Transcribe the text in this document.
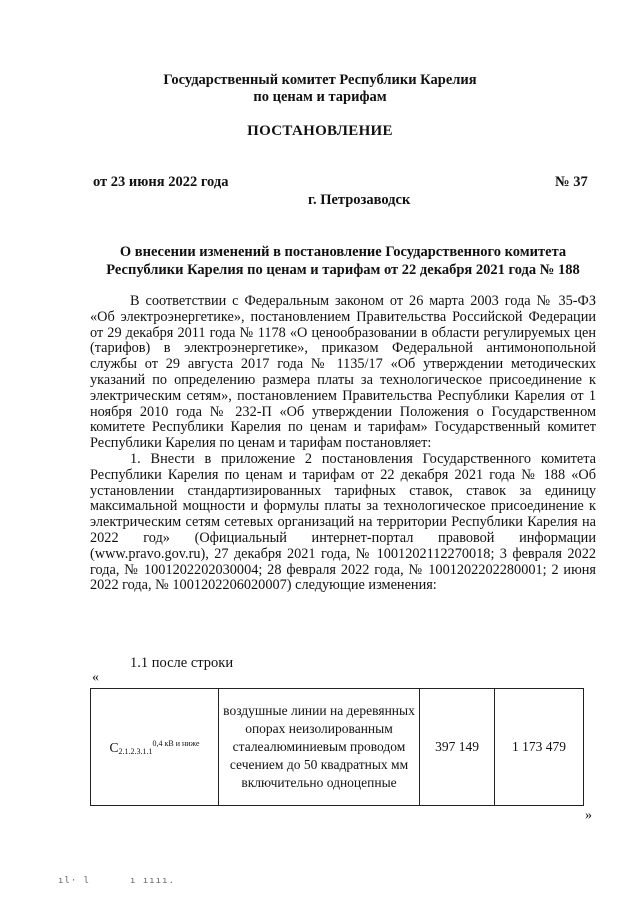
Государственный комитет Республики Карелия
по ценам и тарифам
ПОСТАНОВЛЕНИЕ
от 23 июня 2022 года	№ 37
г. Петрозаводск
О внесении изменений в постановление Государственного комитета
Республики Карелия по ценам и тарифам от 22 декабря 2021 года № 188

В соответствии с Федеральным законом от 26 марта 2003 года № 35-ФЗ «Об электроэнергетике», постановлением Правительства Российской Федерации от 29 декабря 2011 года № 1178 «О ценообразовании в области регулируемых цен (тарифов) в электроэнергетике», приказом Федеральной антимонопольной службы от 29 августа 2017 года № 1135/17 «Об утверждении методических указаний по определению размера платы за технологическое присоединение к электрическим сетям», постановлением Правительства Республики Карелия от 1 ноября 2010 года № 232-П «Об утверждении Положения о Государственном комитете Республики Карелия по ценам и тарифам» Государственный комитет Республики Карелия по ценам и тарифам постановляет:

1. Внести в приложение 2 постановления Государственного комитета Республики Карелия по ценам и тарифам от 22 декабря 2021 года № 188 «Об установлении стандартизированных тарифных ставок, ставок за единицу максимальной мощности и формулы платы за технологическое присоединение к электрическим сетям сетевых организаций на территории Республики Карелия на 2022 год» (Официальный интернет-портал правовой информации (www.pravo.gov.ru), 27 декабря 2021 года, № 1001202112270018; 3 февраля 2022 года, № 1001202202030004; 28 февраля 2022 года, № 1001202202280001; 2 июня 2022 года, № 1001202206020007) следующие изменения:

1.1 после строки
«
$С2.1.2.3.1.1^{0,4 кВ и ниже}$	воздушные линии на деревянных опорах неизолированным сталеалюминиевым проводом сечением до 50 квадратных мм включительно одноцепные	397 149	1 173 479
»
ıl· l	ı ıııı.
